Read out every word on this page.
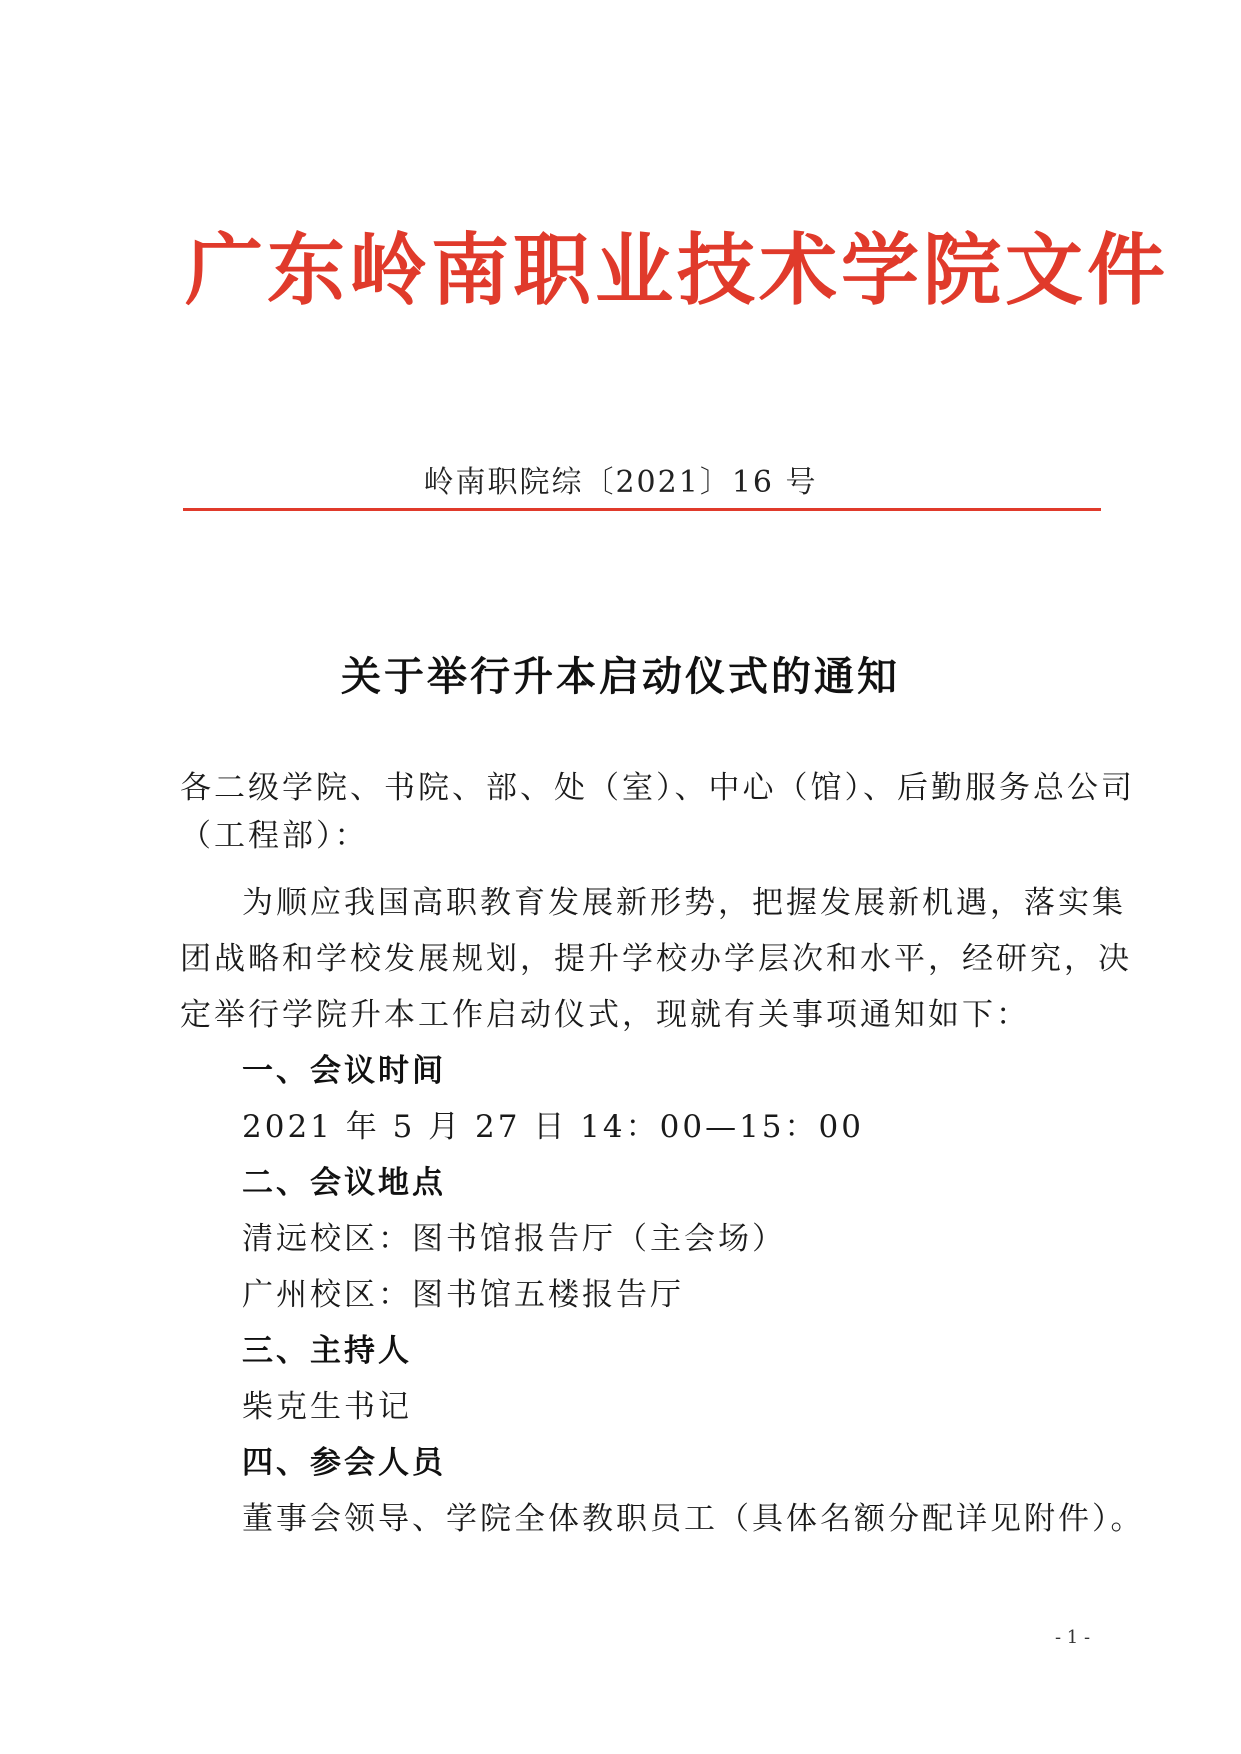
广东岭南职业技术学院文件
岭南职院综〔2021〕16 号
关于举行升本启动仪式的通知
各二级学院、书院、部、处（室）、中心（馆）、后勤服务总公司
（工程部）：
为顺应我国高职教育发展新形势，把握发展新机遇，落实集
团战略和学校发展规划，提升学校办学层次和水平，经研究，决
定举行学院升本工作启动仪式，现就有关事项通知如下：
一、会议时间
2021 年 5 月 27 日 14：00—15：00
二、会议地点
清远校区：图书馆报告厅（主会场）
广州校区：图书馆五楼报告厅
三、主持人
柴克生书记
四、参会人员
董事会领导、学院全体教职员工（具体名额分配详见附件）。
- 1 -
